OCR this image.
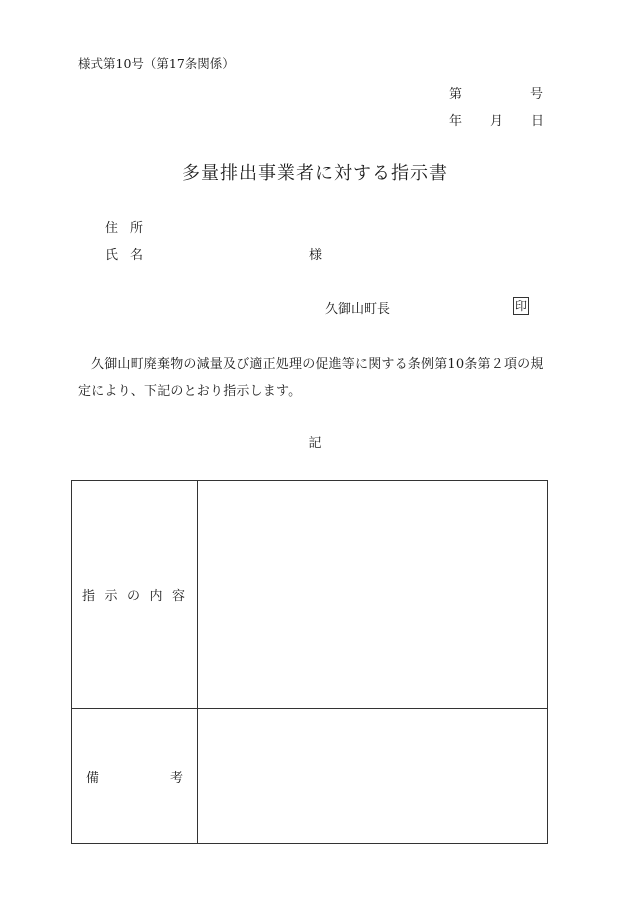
様式第10号（第17条関係）
第	号
年 月 日
多量排出事業者に対する指示書
住所
氏名	様
久御山町長	印
久御山町廃棄物の減量及び適正処理の促進等に関する条例第10条第２項の規定により、下記のとおり指示します。
記
指 示 の 内 容	

備 考	
